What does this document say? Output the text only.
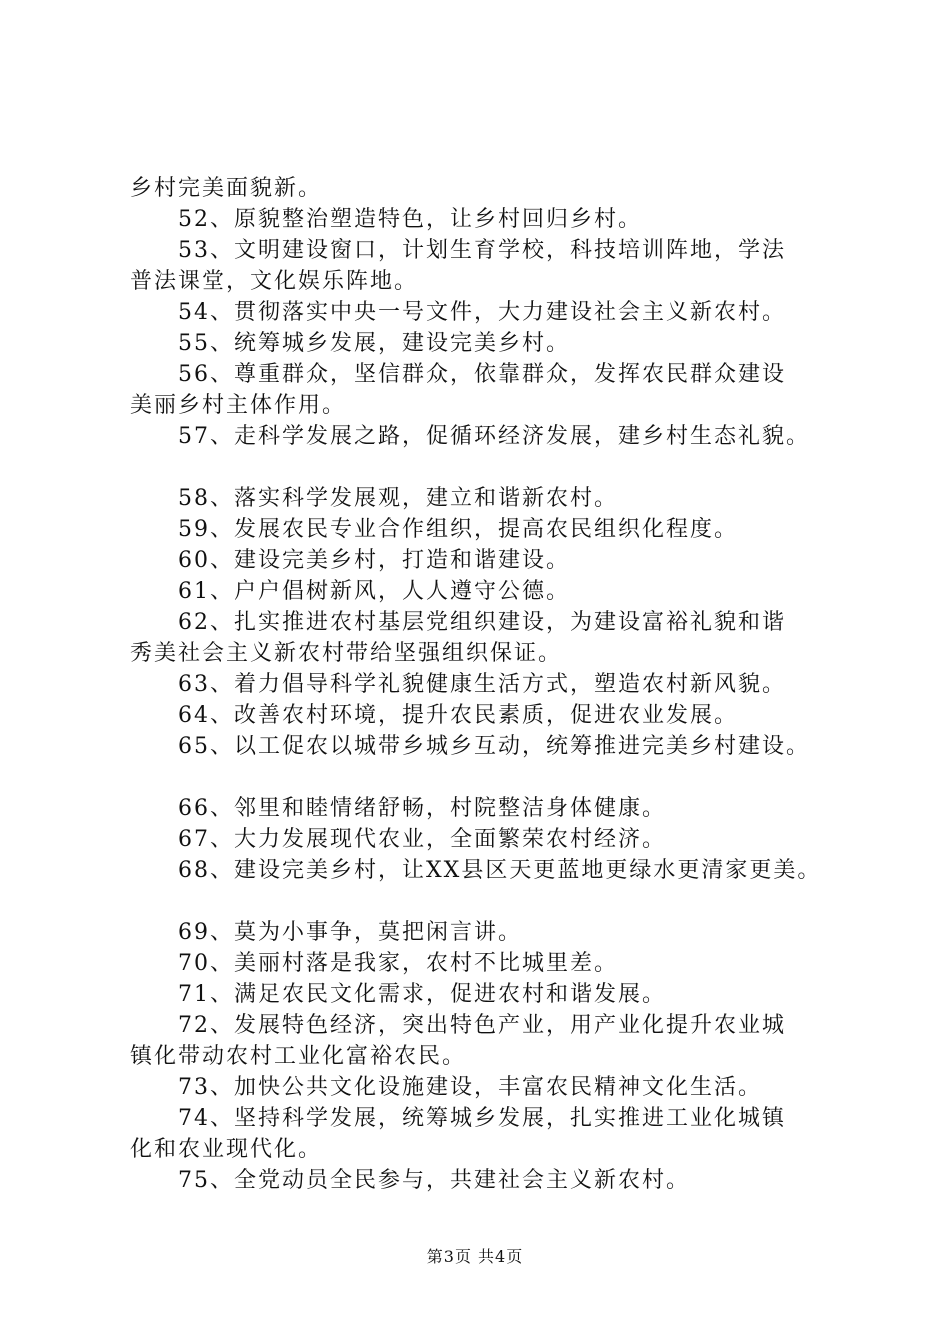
乡村完美面貌新。

52、原貌整治塑造特色，让乡村回归乡村。

53、文明建设窗口，计划生育学校，科技培训阵地，学法

普法课堂，文化娱乐阵地。

54、贯彻落实中央一号文件，大力建设社会主义新农村。

55、统筹城乡发展，建设完美乡村。

56、尊重群众，坚信群众，依靠群众，发挥农民群众建设

美丽乡村主体作用。

57、走科学发展之路，促循环经济发展，建乡村生态礼貌。

58、落实科学发展观，建立和谐新农村。

59、发展农民专业合作组织，提高农民组织化程度。

60、建设完美乡村，打造和谐建设。

61、户户倡树新风，人人遵守公德。

62、扎实推进农村基层党组织建设，为建设富裕礼貌和谐

秀美社会主义新农村带给坚强组织保证。

63、着力倡导科学礼貌健康生活方式，塑造农村新风貌。

64、改善农村环境，提升农民素质，促进农业发展。

65、以工促农以城带乡城乡互动，统筹推进完美乡村建设。

66、邻里和睦情绪舒畅，村院整洁身体健康。

67、大力发展现代农业，全面繁荣农村经济。

68、建设完美乡村，让XX县区天更蓝地更绿水更清家更美。

69、莫为小事争，莫把闲言讲。

70、美丽村落是我家，农村不比城里差。

71、满足农民文化需求，促进农村和谐发展。

72、发展特色经济，突出特色产业，用产业化提升农业城

镇化带动农村工业化富裕农民。

73、加快公共文化设施建设，丰富农民精神文化生活。

74、坚持科学发展，统筹城乡发展，扎实推进工业化城镇

化和农业现代化。

75、全党动员全民参与，共建社会主义新农村。

第3页 共4页
